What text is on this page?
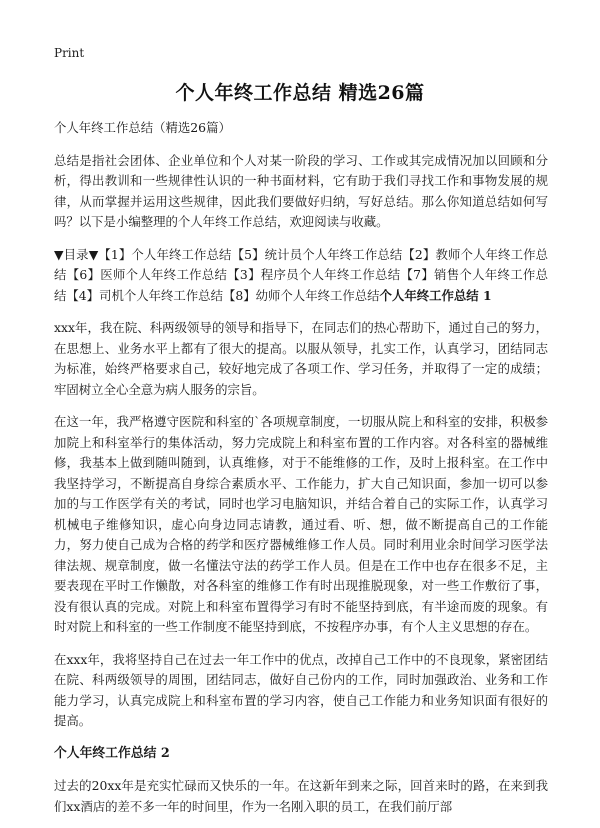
Print
个人年终工作总结 精选26篇

个人年终工作总结（精选26篇）

总结是指社会团体、企业单位和个人对某一阶段的学习、工作或其完成情况加以回顾和分析，得出教训和一些规律性认识的一种书面材料，它有助于我们寻找工作和事物发展的规律，从而掌握并运用这些规律，因此我们要做好归纳，写好总结。那么你知道总结如何写吗？以下是小编整理的个人年终工作总结，欢迎阅读与收藏。

▼目录▼【1】个人年终工作总结【5】统计员个人年终工作总结【2】教师个人年终工作总结【6】医师个人年终工作总结【3】程序员个人年终工作总结【7】销售个人年终工作总结【4】司机个人年终工作总结【8】幼师个人年终工作总结个人年终工作总结 1

xxx年，我在院、科两级领导的领导和指导下，在同志们的热心帮助下，通过自己的努力，在思想上、业务水平上都有了很大的提高。以服从领导，扎实工作，认真学习，团结同志为标准，始终严格要求自己，较好地完成了各项工作、学习任务，并取得了一定的成绩；牢固树立全心全意为病人服务的宗旨。

在这一年，我严格遵守医院和科室的`各项规章制度，一切服从院上和科室的安排，积极参加院上和科室举行的集体活动，努力完成院上和科室布置的工作内容。对各科室的器械维修，我基本上做到随叫随到，认真维修，对于不能维修的工作，及时上报科室。在工作中我坚持学习，不断提高自身综合素质水平、工作能力，扩大自己知识面，参加一切可以参加的与工作医学有关的考试，同时也学习电脑知识，并结合着自己的实际工作，认真学习机械电子维修知识，虚心向身边同志请教，通过看、听、想，做不断提高自己的工作能力，努力使自己成为合格的药学和医疗器械维修工作人员。同时利用业余时间学习医学法律法规、规章制度，做一名懂法守法的药学工作人员。但是在工作中也存在很多不足，主要表现在平时工作懒散，对各科室的维修工作有时出现推脱现象，对一些工作敷衍了事，没有很认真的完成。对院上和科室布置得学习有时不能坚持到底，有半途而废的现象。有时对院上和科室的一些工作制度不能坚持到底，不按程序办事，有个人主义思想的存在。

在xxx年，我将坚持自己在过去一年工作中的优点，改掉自己工作中的不良现象，紧密团结在院、科两级领导的周围，团结同志，做好自己份内的工作，同时加强政治、业务和工作能力学习，认真完成院上和科室布置的学习内容，使自己工作能力和业务知识面有很好的提高。

个人年终工作总结 2

过去的20xx年是充实忙碌而又快乐的一年。在这新年到来之际，回首来时的路，在来到我们xx酒店的差不多一年的时间里，作为一名刚入职的员工，在我们前厅部
